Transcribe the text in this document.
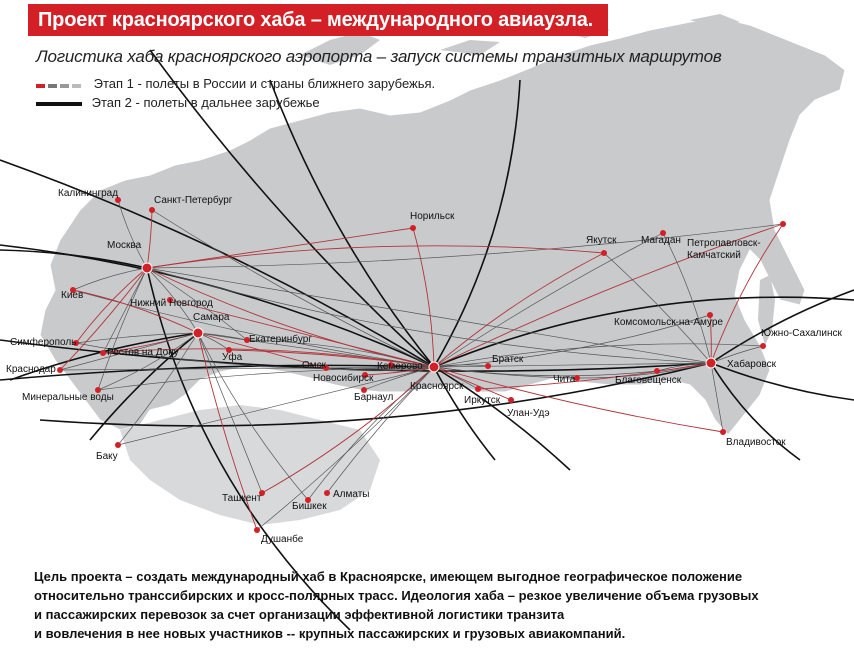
Калининград
Санкт-Петербург
Москва
Киев
Нижний Новгород
Самара
Симферополь
Ростов на Дону
Краснодар
Минеральные воды
Уфа
Екатеринбург
Омск
Новосибирск
Кемерово
Барнаул
Красноярск
Норильск
Братск
Иркутск
Улан-Удэ
Чита	Благовещенск
Якутск Магадан
Комсомольск-на-Амуре
Хабаровск
Южно-Сахалинск
Владивосток
Баку
Ташкент
Бишкек
Алматы
Душанбе
Петропавловск-
Камчатский
Проект красноярского хаба – международного авиаузла.
Логистика хаба красноярского аэропорта – запуск системы транзитных маршрутов
Этап 1 - полеты в России и страны ближнего зарубежья.
Этап 2 - полеты в дальнее зарубежье
Цель проекта – создать международный хаб в Красноярске, имеющем выгодное географическое положение
относительно транссибирских и кросс-полярных трасс. Идеология хаба – резкое увеличение объема грузовых
и пассажирских перевозок за счет организации эффективной логистики транзита
и вовлечения в нее новых участников -- крупных пассажирских и грузовых авиакомпаний.
